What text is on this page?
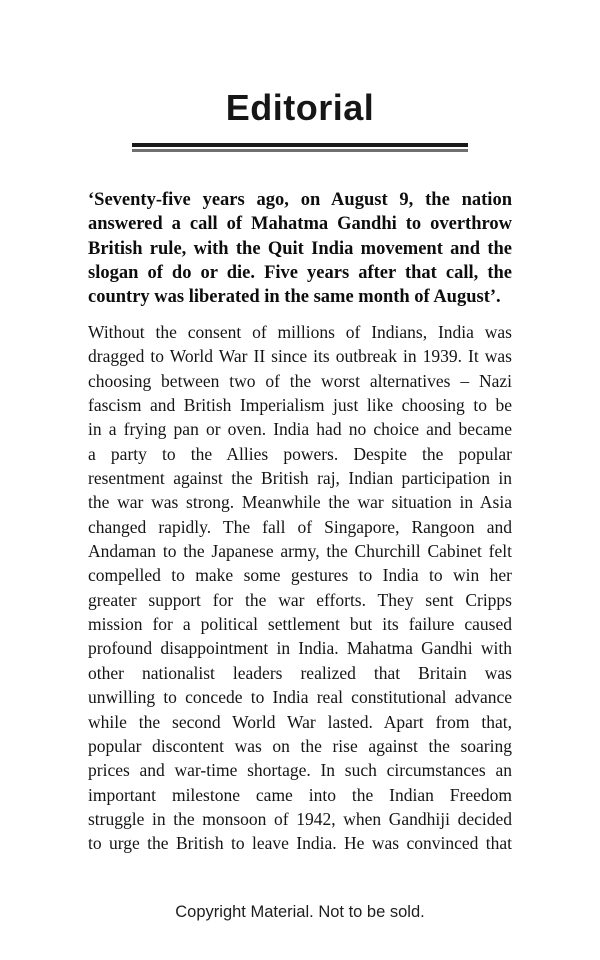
Editorial
‘Seventy-five years ago, on August 9, the nation
answered a call of Mahatma Gandhi to overthrow
British rule, with the Quit India movement and the
slogan of do or die. Five years after that call, the
country was liberated in the same month of August’.
Without the consent of millions of Indians, India was
dragged to World War II since its outbreak in 1939. It was
choosing between two of the worst alternatives – Nazi
fascism and British Imperialism just like choosing to be
in a frying pan or oven. India had no choice and became
a party to the Allies powers. Despite the popular
resentment against the British raj, Indian participation in
the war was strong. Meanwhile the war situation in Asia
changed rapidly. The fall of Singapore, Rangoon and
Andaman to the Japanese army, the Churchill Cabinet felt
compelled to make some gestures to India to win her
greater support for the war efforts. They sent Cripps
mission for a political settlement but its failure caused
profound disappointment in India. Mahatma Gandhi with
other nationalist leaders realized that Britain was
unwilling to concede to India real constitutional advance
while the second World War lasted. Apart from that,
popular discontent was on the rise against the soaring
prices and war-time shortage. In such circumstances an
important milestone came into the Indian Freedom
struggle in the monsoon of 1942, when Gandhiji decided
to urge the British to leave India. He was convinced that
Copyright Material. Not to be sold.
